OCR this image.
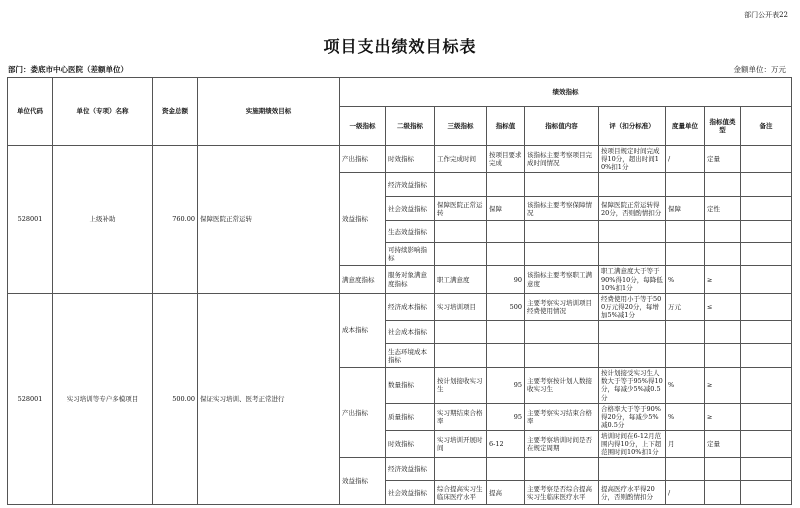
部门公开表22
项目支出绩效目标表
部门：娄底市中心医院（差额单位）	金额单位：万元
单位代码	单位（专项）名称	资金总额	实施期绩效目标	绩效指标								
				一级指标	二级指标	三级指标	指标值	指标值内容	评（扣分标准）	度量单位	指标值类型	备注
528001	上级补助	760.00	保障医院正常运转	产出指标	时效指标	工作完成时间	按项目要求完成	该指标主要考察项目完成时间情况	按项目规定时间完成得10分，超出时间10%扣1分	/	定量	
				效益指标	经济效益指标							
					社会效益指标	保障医院正常运转	保障	该指标主要考察保障情况	保障医院正常运转得20分，否则酌情扣分	保障	定性	
					生态效益指标							
					可持续影响指标							
				满意度指标	服务对象满意度指标	职工满意度	90	该指标主要考察职工满意度	职工满意度大于等于90%得10分，每降低10%扣1分	%	≥	
528001	实习培训等专户多模项目	500.00	保证实习培训、医考正常进行	成本指标	经济成本指标	实习培训项目	500	主要考察实习培训项目经费使用情况	经费使用小于等于500万元得20分，每增加5%减1分	万元	≤	
					社会成本指标							
					生态环境成本指标							
				产出指标	数量指标	按计划接收实习生	95	主要考察按计划人数接收实习生	按计划接受实习生人数大于等于95%得10分，每减少5%减0.5分	%	≥	
					质量指标	实习期结束合格率	95	主要考察实习结束合格率	合格率大于等于90%得20分，每减少5%减0.5分	%	≥	
					时效指标	实习培训开展时间	6-12	主要考察培训时间是否在规定周期	培训时间在6-12月范围内得10分，上下超范围时间10%扣1分	月	定量	
				效益指标	经济效益指标							
					社会效益指标	综合提高实习生临床医疗水平	提高	主要考察是否综合提高实习生临床医疗水平	提高医疗水平得20分，否则酌情扣分	/		
